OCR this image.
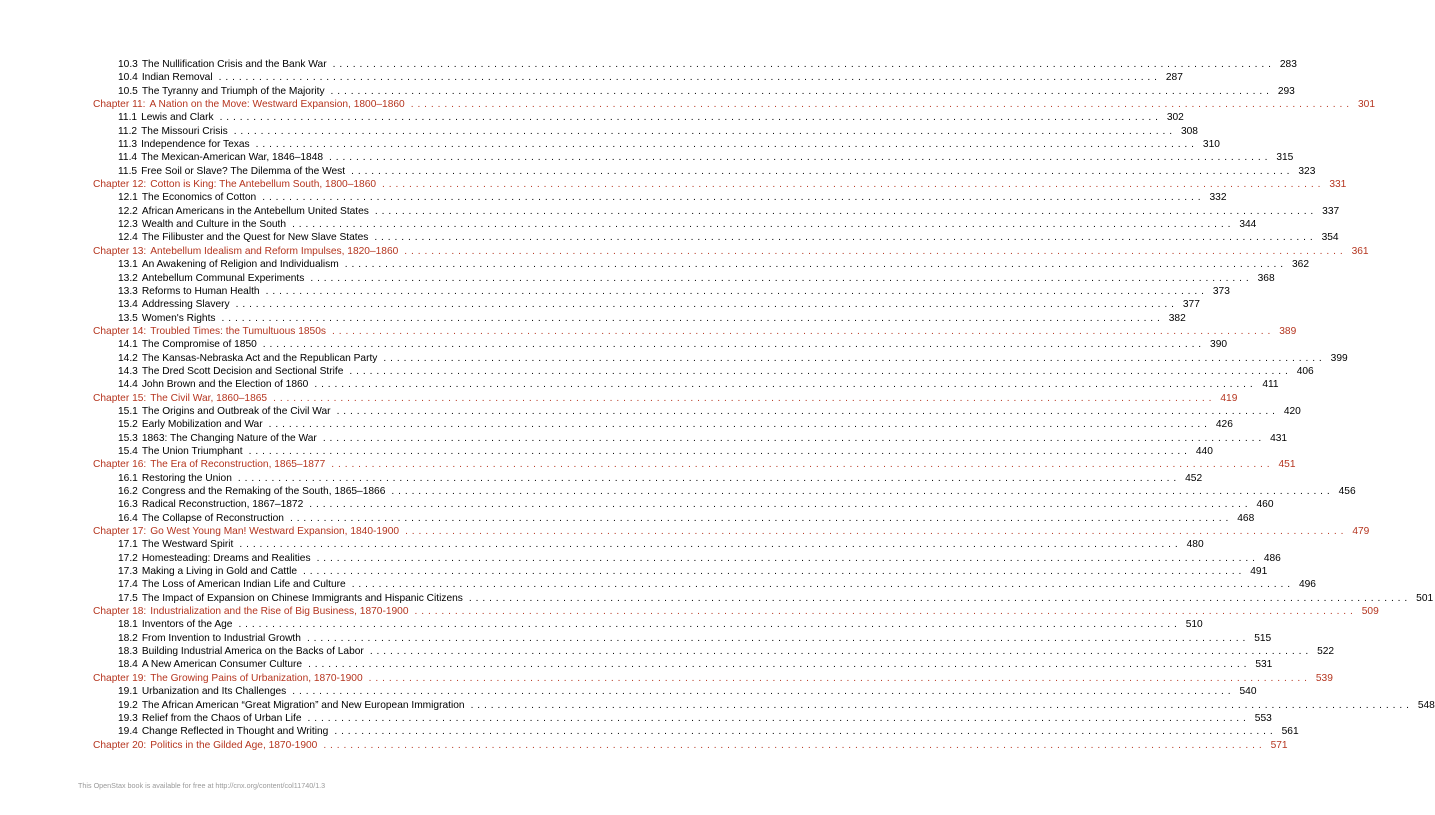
10.3 The Nullification Crisis and the Bank War ............................................................................................................................................ 283
10.4 Indian Removal ............................................................................................................................................ 287
10.5 The Tyranny and Triumph of the Majority ............................................................................................................................................ 293
Chapter 11: A Nation on the Move: Westward Expansion, 1800–1860 ............................................................................................................................................ 301
11.1 Lewis and Clark ............................................................................................................................................ 302
11.2 The Missouri Crisis ............................................................................................................................................ 308
11.3 Independence for Texas ............................................................................................................................................ 310
11.4 The Mexican-American War, 1846–1848 ............................................................................................................................................ 315
11.5 Free Soil or Slave? The Dilemma of the West ............................................................................................................................................ 323
Chapter 12: Cotton is King: The Antebellum South, 1800–1860 ............................................................................................................................................ 331
12.1 The Economics of Cotton ............................................................................................................................................ 332
12.2 African Americans in the Antebellum United States ............................................................................................................................................ 337
12.3 Wealth and Culture in the South ............................................................................................................................................ 344
12.4 The Filibuster and the Quest for New Slave States ............................................................................................................................................ 354
Chapter 13: Antebellum Idealism and Reform Impulses, 1820–1860 ............................................................................................................................................ 361
13.1 An Awakening of Religion and Individualism ............................................................................................................................................ 362
13.2 Antebellum Communal Experiments ............................................................................................................................................ 368
13.3 Reforms to Human Health ............................................................................................................................................ 373
13.4 Addressing Slavery ............................................................................................................................................ 377
13.5 Women's Rights ............................................................................................................................................ 382
Chapter 14: Troubled Times: the Tumultuous 1850s ............................................................................................................................................ 389
14.1 The Compromise of 1850 ............................................................................................................................................ 390
14.2 The Kansas-Nebraska Act and the Republican Party ............................................................................................................................................ 399
14.3 The Dred Scott Decision and Sectional Strife ............................................................................................................................................ 406
14.4 John Brown and the Election of 1860 ............................................................................................................................................ 411
Chapter 15: The Civil War, 1860–1865 ............................................................................................................................................ 419
15.1 The Origins and Outbreak of the Civil War ............................................................................................................................................ 420
15.2 Early Mobilization and War ............................................................................................................................................ 426
15.3 1863: The Changing Nature of the War ............................................................................................................................................ 431
15.4 The Union Triumphant ............................................................................................................................................ 440
Chapter 16: The Era of Reconstruction, 1865–1877 ............................................................................................................................................ 451
16.1 Restoring the Union ............................................................................................................................................ 452
16.2 Congress and the Remaking of the South, 1865–1866 ............................................................................................................................................ 456
16.3 Radical Reconstruction, 1867–1872 ............................................................................................................................................ 460
16.4 The Collapse of Reconstruction ............................................................................................................................................ 468
Chapter 17: Go West Young Man! Westward Expansion, 1840-1900 ............................................................................................................................................ 479
17.1 The Westward Spirit ............................................................................................................................................ 480
17.2 Homesteading: Dreams and Realities ............................................................................................................................................ 486
17.3 Making a Living in Gold and Cattle ............................................................................................................................................ 491
17.4 The Loss of American Indian Life and Culture ............................................................................................................................................ 496
17.5 The Impact of Expansion on Chinese Immigrants and Hispanic Citizens ............................................................................................................................................ 501
Chapter 18: Industrialization and the Rise of Big Business, 1870-1900 ............................................................................................................................................ 509
18.1 Inventors of the Age ............................................................................................................................................ 510
18.2 From Invention to Industrial Growth ............................................................................................................................................ 515
18.3 Building Industrial America on the Backs of Labor ............................................................................................................................................ 522
18.4 A New American Consumer Culture ............................................................................................................................................ 531
Chapter 19: The Growing Pains of Urbanization, 1870-1900 ............................................................................................................................................ 539
19.1 Urbanization and Its Challenges ............................................................................................................................................ 540
19.2 The African American “Great Migration” and New European Immigration ............................................................................................................................................ 548
19.3 Relief from the Chaos of Urban Life ............................................................................................................................................ 553
19.4 Change Reflected in Thought and Writing ............................................................................................................................................ 561
Chapter 20: Politics in the Gilded Age, 1870-1900 ............................................................................................................................................ 571
This OpenStax book is available for free at http://cnx.org/content/col11740/1.3
